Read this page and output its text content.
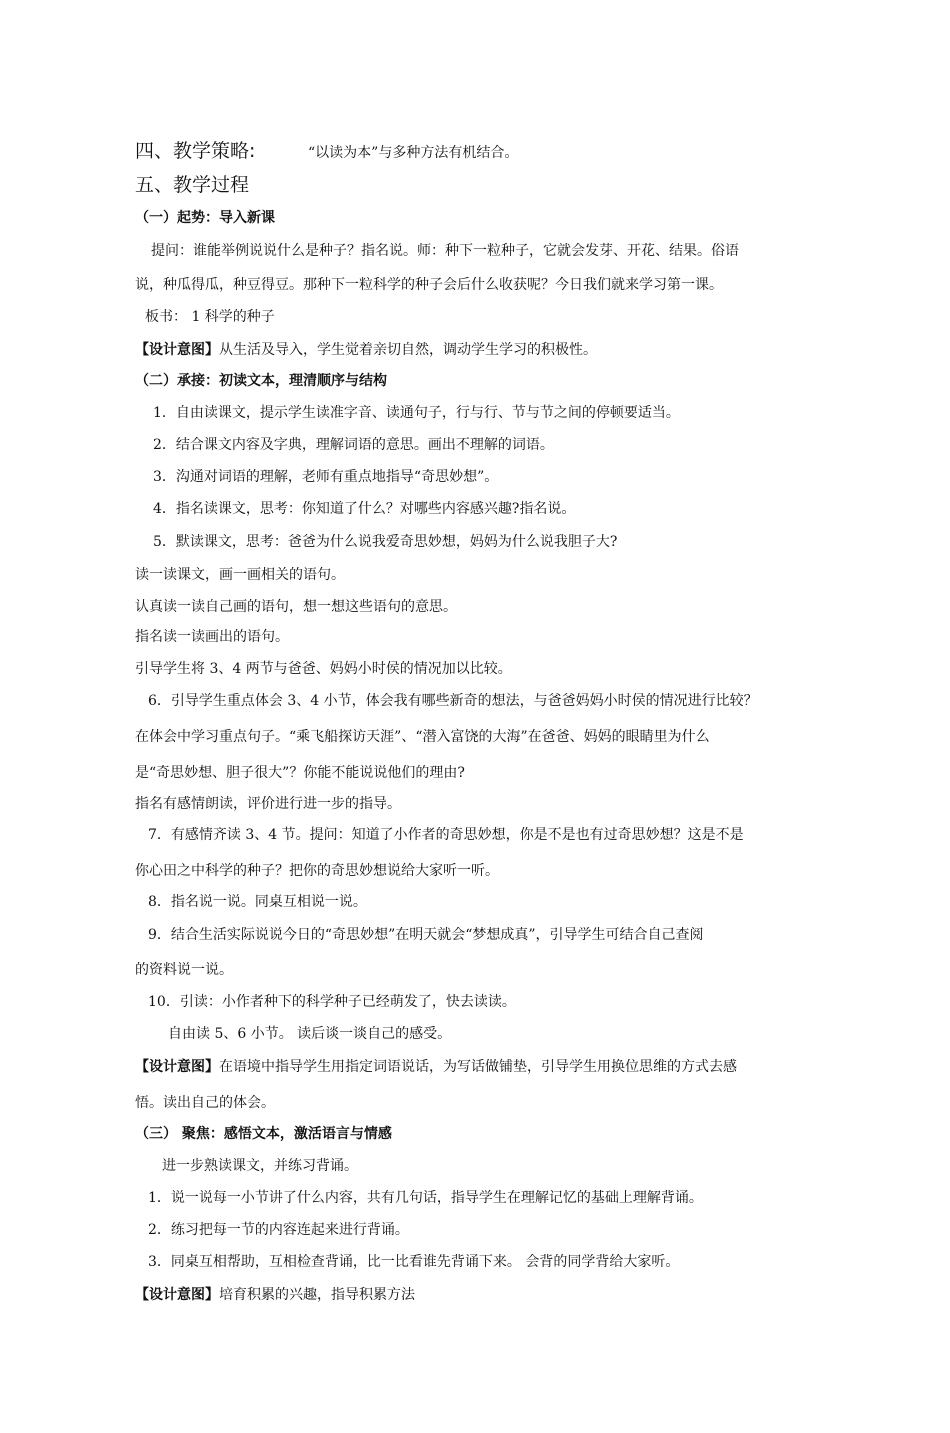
四、教学策略:	“以读为本”与多种方法有机结合。
五、教学过程
（一）起势：导入新课
提问：谁能举例说说什么是种子？指名说。师：种下一粒种子，它就会发芽、开花、结果。俗语
说，种瓜得瓜，种豆得豆。那种下一粒科学的种子会后什么收获呢？今日我们就来学习第一课。
板书： 1 科学的种子
【设计意图】从生活及导入，学生觉着亲切自然，调动学生学习的积极性。
（二）承接：初读文本，理清顺序与结构
1．自由读课文，提示学生读准字音、读通句子，行与行、节与节之间的停顿要适当。
2．结合课文内容及字典，理解词语的意思。画出不理解的词语。
3．沟通对词语的理解，老师有重点地指导“奇思妙想”。
4．指名读课文，思考：你知道了什么？对哪些内容感兴趣?指名说。
5．默读课文，思考：爸爸为什么说我爱奇思妙想，妈妈为什么说我胆子大?
读一读课文，画一画相关的语句。
认真读一读自己画的语句，想一想这些语句的意思。
指名读一读画出的语句。
引导学生将 3、4 两节与爸爸、妈妈小时侯的情况加以比较。
6．引导学生重点体会 3、4 小节，体会我有哪些新奇的想法，与爸爸妈妈小时侯的情况进行比较？
在体会中学习重点句子。“乘飞船探访天涯”、“潜入富饶的大海”在爸爸、妈妈的眼睛里为什么
是“奇思妙想、胆子很大”？你能不能说说他们的理由?
指名有感情朗读，评价进行进一步的指导。
7．有感情齐读 3、4 节。提问：知道了小作者的奇思妙想，你是不是也有过奇思妙想？这是不是
你心田之中科学的种子？把你的奇思妙想说给大家听一听。
8．指名说一说。同桌互相说一说。
9．结合生活实际说说今日的“奇思妙想”在明天就会“梦想成真”，引导学生可结合自己查阅
的资料说一说。
10．引读：小作者种下的科学种子已经萌发了，快去读读。
自由读 5、6 小节。 读后谈一谈自己的感受。
【设计意图】在语境中指导学生用指定词语说话，为写话做铺垫，引导学生用换位思维的方式去感
悟。读出自己的体会。
（三） 聚焦：感悟文本，激活语言与情感
进一步熟读课文，并练习背诵。
1．说一说每一小节讲了什么内容，共有几句话，指导学生在理解记忆的基础上理解背诵。
2．练习把每一节的内容连起来进行背诵。
3．同桌互相帮助，互相检查背诵，比一比看谁先背诵下来。 会背的同学背给大家听。
【设计意图】培育积累的兴趣，指导积累方法
